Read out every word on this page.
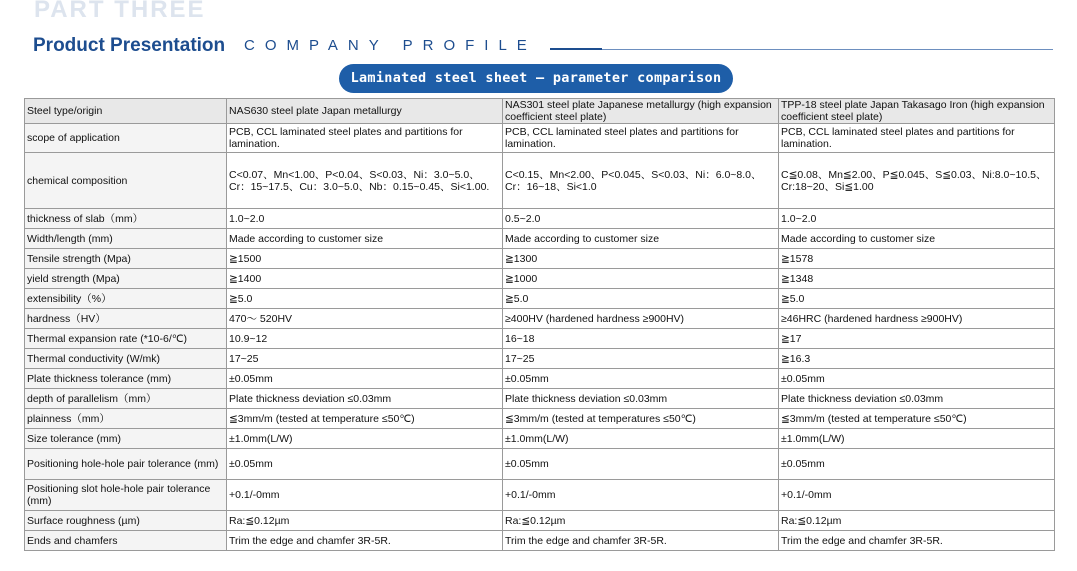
PART THREE
Product Presentation COMPANY PROFILE
Laminated steel sheet — parameter comparison
Steel type/origin	NAS630 steel plate Japan metallurgy	NAS301 steel plate Japanese metallurgy (high expansion coefficient steel plate)	TPP-18 steel plate Japan Takasago Iron (high expansion coefficient steel plate)
scope of application	PCB, CCL laminated steel plates and partitions for lamination.	PCB, CCL laminated steel plates and partitions for lamination.	PCB, CCL laminated steel plates and partitions for lamination.
chemical composition	C<0.07、Mn<1.00、P<0.04、S<0.03、Ni：3.0~5.0、Cr：15~17.5、Cu：3.0~5.0、Nb：0.15~0.45、Si<1.00.	C<0.15、Mn<2.00、P<0.045、S<0.03、Ni：6.0~8.0、Cr：16~18、Si<1.0	C≦0.08、Mn≦2.00、P≦0.045、S≦0.03、Ni:8.0~10.5、Cr:18~20、Si≦1.00
thickness of slab（mm）	1.0~2.0	0.5~2.0	1.0~2.0
Width/length (mm)	Made according to customer size	Made according to customer size	Made according to customer size
Tensile strength (Mpa)	≧1500	≧1300	≧1578
yield strength (Mpa)	≧1400	≧1000	≧1348
extensibility（%）	≧5.0	≧5.0	≧5.0
hardness（HV）	470～ 520HV	≥400HV (hardened hardness ≥900HV)	≥46HRC (hardened hardness ≥900HV)
Thermal expansion rate (*10-6/℃)	10.9~12	16~18	≧17
Thermal conductivity (W/mk)	17~25	17~25	≧16.3
Plate thickness tolerance (mm)	±0.05mm	±0.05mm	±0.05mm
depth of parallelism（mm）	Plate thickness deviation ≤0.03mm	Plate thickness deviation ≤0.03mm	Plate thickness deviation ≤0.03mm
plainness（mm）	≦3mm/m (tested at temperature ≤50℃)	≦3mm/m (tested at temperatures ≤50℃)	≦3mm/m (tested at temperature ≤50℃)
Size tolerance (mm)	±1.0mm(L/W)	±1.0mm(L/W)	±1.0mm(L/W)
Positioning hole-hole pair tolerance (mm)	±0.05mm	±0.05mm	±0.05mm
Positioning slot hole-hole pair tolerance (mm)	+0.1/-0mm	+0.1/-0mm	+0.1/-0mm
Surface roughness (µm)	Ra:≦0.12µm	Ra:≦0.12µm	Ra:≦0.12µm
Ends and chamfers	Trim the edge and chamfer 3R-5R.	Trim the edge and chamfer 3R-5R.	Trim the edge and chamfer 3R-5R.
